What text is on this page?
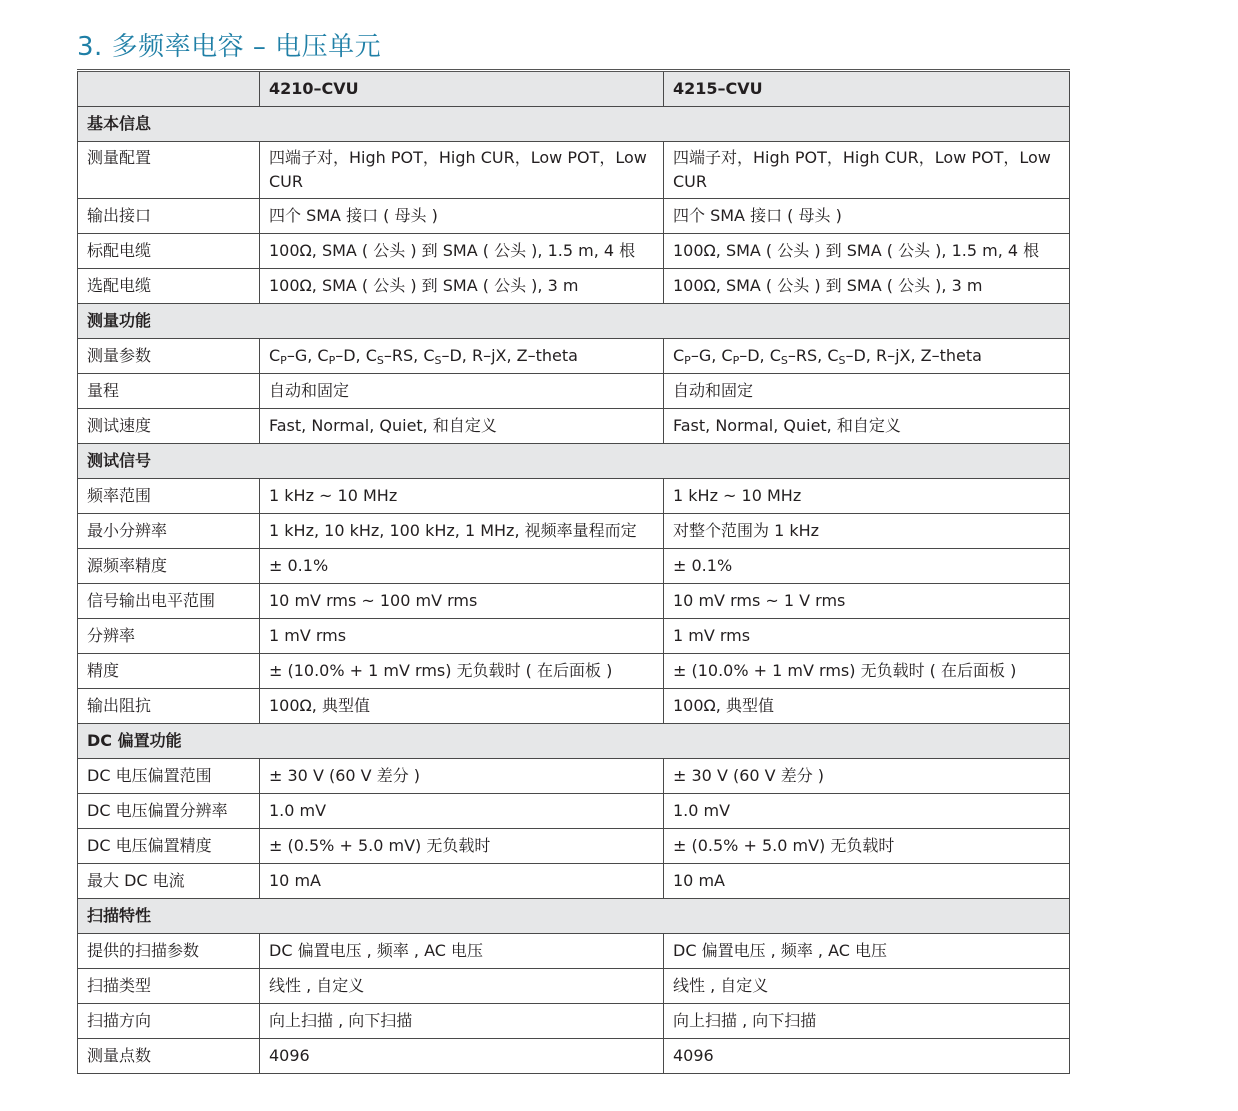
3. 多频率电容 – 电压单元
	4210–CVU	4215–CVU
基本信息		
测量配置	四端子对，High POT，High CUR，Low POT，Low CUR	四端子对，High POT，High CUR，Low POT，Low CUR
输出接口	四个 SMA 接口 ( 母头 )	四个 SMA 接口 ( 母头 )
标配电缆	100Ω, SMA ( 公头 ) 到 SMA ( 公头 ), 1.5 m, 4 根	100Ω, SMA ( 公头 ) 到 SMA ( 公头 ), 1.5 m, 4 根
选配电缆	100Ω, SMA ( 公头 ) 到 SMA ( 公头 ), 3 m	100Ω, SMA ( 公头 ) 到 SMA ( 公头 ), 3 m
测量功能		
测量参数	$C_P-G$, $C_P-D$, $C_S-RS$, $C_S-D$, R–jX, Z–theta	$C_P-G$, $C_P-D$, $C_S-RS$, $C_S-D$, R–jX, Z–theta
量程	自动和固定	自动和固定
测试速度	Fast, Normal, Quiet, 和自定义	Fast, Normal, Quiet, 和自定义
测试信号		
频率范围	1 kHz ~ 10 MHz	1 kHz ~ 10 MHz
最小分辨率	1 kHz, 10 kHz, 100 kHz, 1 MHz, 视频率量程而定	对整个范围为 1 kHz
源频率精度	± 0.1%	± 0.1%
信号输出电平范围	10 mV rms ~ 100 mV rms	10 mV rms ~ 1 V rms
分辨率	1 mV rms	1 mV rms
精度	± (10.0% + 1 mV rms) 无负载时 ( 在后面板 )	± (10.0% + 1 mV rms) 无负载时 ( 在后面板 )
输出阻抗	100Ω, 典型值	100Ω, 典型值
DC 偏置功能		
DC 电压偏置范围	± 30 V (60 V 差分 )	± 30 V (60 V 差分 )
DC 电压偏置分辨率	1.0 mV	1.0 mV
DC 电压偏置精度	± (0.5% + 5.0 mV) 无负载时	± (0.5% + 5.0 mV) 无负载时
最大 DC 电流	10 mA	10 mA
扫描特性		
提供的扫描参数	DC 偏置电压 , 频率 , AC 电压	DC 偏置电压 , 频率 , AC 电压
扫描类型	线性 , 自定义	线性 , 自定义
扫描方向	向上扫描 , 向下扫描	向上扫描 , 向下扫描
测量点数	4096	4096
